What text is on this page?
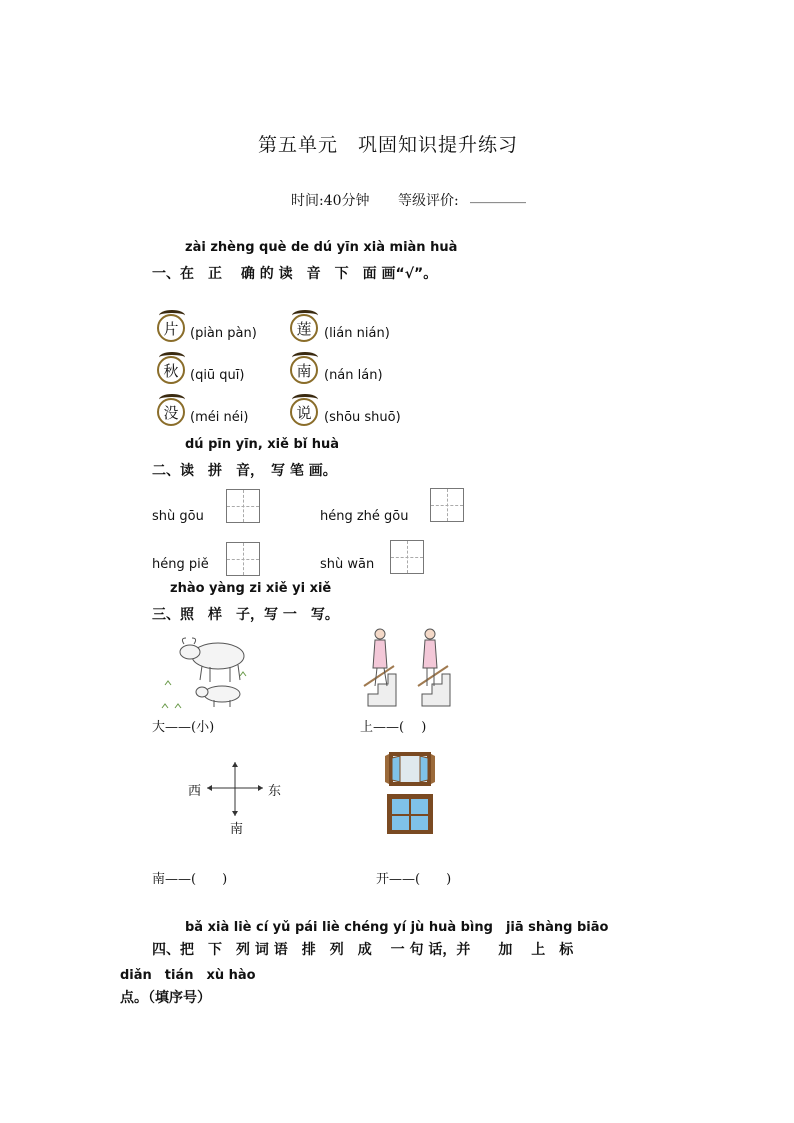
第五单元　巩固知识提升练习
时间:40分钟 等级评价: ________
zài zhèng què de dú yīn xià miàn huà
一、在　正　 确 的 读　音　下　面 画“√”。
片 (piàn pàn)	莲 (lián nián)
秋 (qiū quī)	南 (nán lán)
没 (méi néi)	说 (shōu shuō)
dú pīn yīn, xiě bǐ huà
二、读　拼　音，　写 笔 画。
shù gōu	héng zhé gōu
héng piě	shù wān
zhào yàng zi xiě yi xiě
三、照　样　子，写 一　写。
大——(小)	上——(　 )
西	东
南
南——(　　)	开——(　　)
bǎ xià liè cí yǔ pái liè chéng yí jù huà bìng　jiā shàng biāo
四、把　下　列 词 语　排　列　成　 一 句 话，并　　加　 上　标
diǎn　tián　xù hào
点。（填序号）
